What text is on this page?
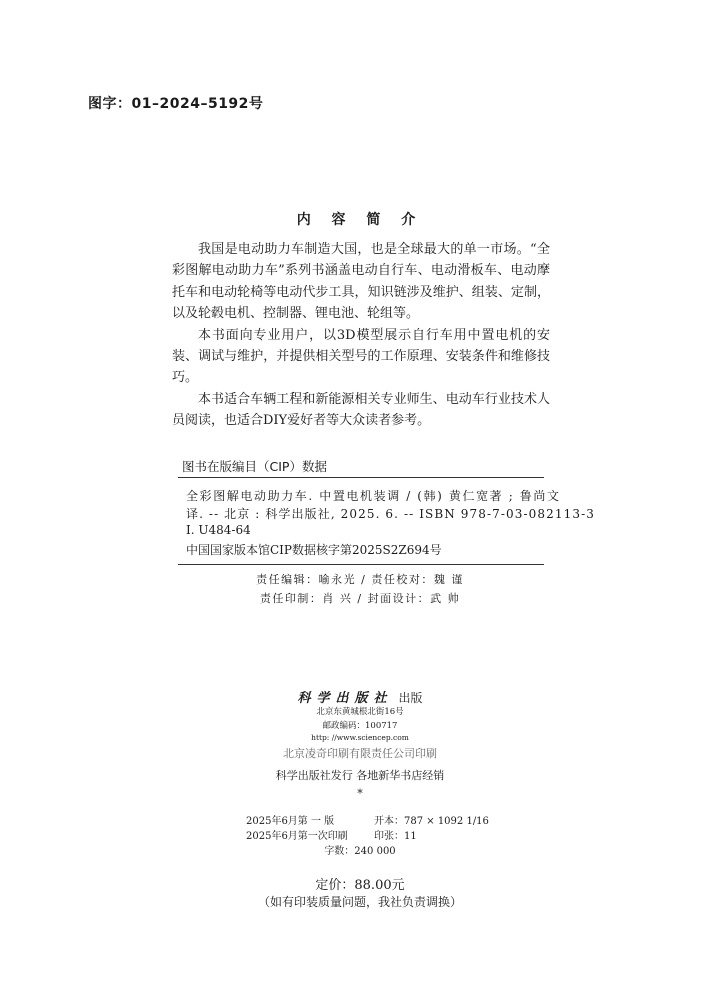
图字：01–2024–5192号
内 容 简 介

我国是电动助力车制造大国，也是全球最大的单一市场。“全彩图解电动助力车”系列书涵盖电动自行车、电动滑板车、电动摩托车和电动轮椅等电动代步工具，知识链涉及维护、组装、定制，以及轮毂电机、控制器、锂电池、轮组等。

本书面向专业用户，以3D模型展示自行车用中置电机的安装、调试与维护，并提供相关型号的工作原理、安装条件和维修技巧。

本书适合车辆工程和新能源相关专业师生、电动车行业技术人员阅读，也适合DIY爱好者等大众读者参考。

图书在版编目（CIP）数据
全彩图解电动助力车. 中置电机装调 / (韩) 黄仁宽著 ; 鲁尚文
译. -- 北京 : 科学出版社, 2025. 6. -- ISBN 978-7-03-082113-3
Ⅰ. U484-64
中国国家版本馆CIP数据核字第2025S2Z694号
责任编辑：喻永光 / 责任校对：魏 谨
责任印制：肖 兴 / 封面设计：武 帅
科学出版社 出版
北京东黄城根北街16号
邮政编码：100717
http: //www.sciencep.com
北京凌奇印刷有限责任公司印刷
科学出版社发行 各地新华书店经销
*
2025年6月第 一 版
2025年6月第一次印刷
开本：787 × 1092 1/16
印张：11
字数：240 000
定价：88.00元
（如有印装质量问题，我社负责调换）
